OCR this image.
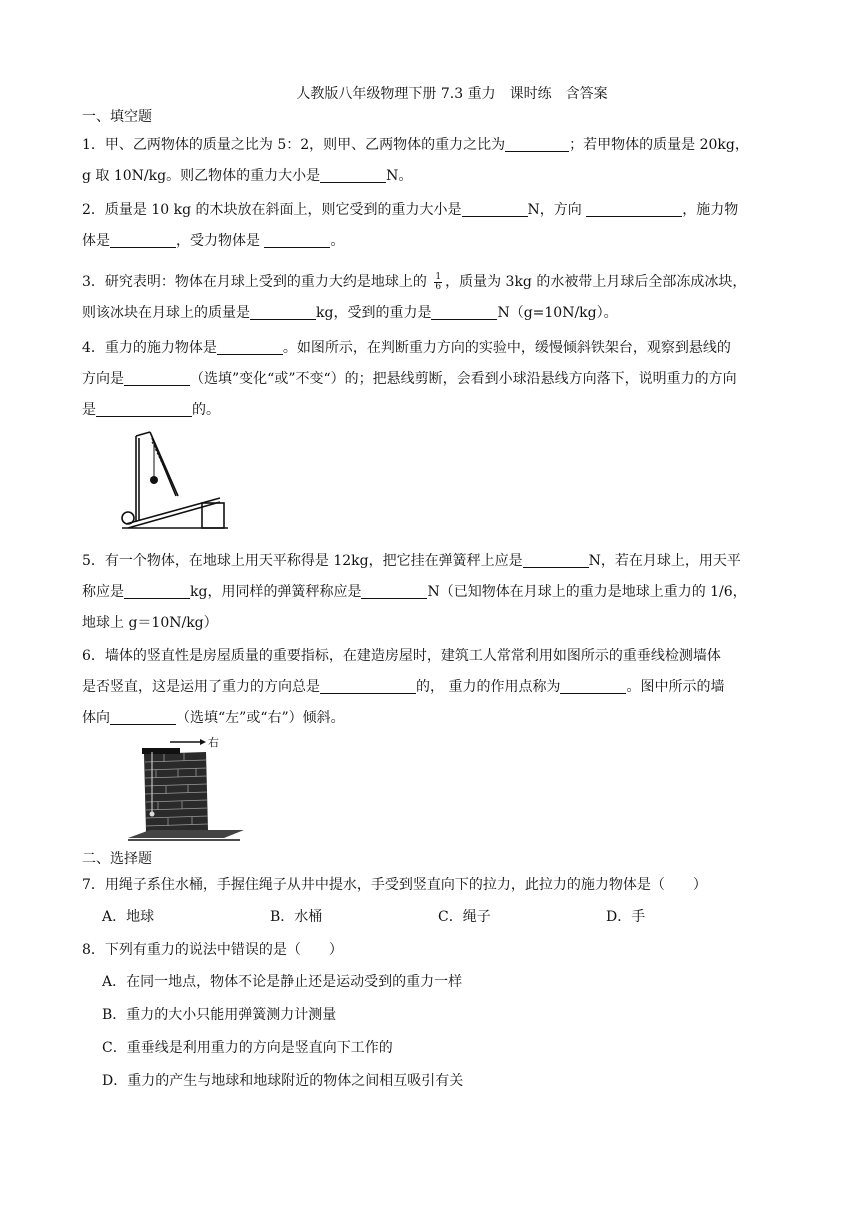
人教版八年级物理下册 7.3 重力　课时练　含答案
一、填空题

1．甲、乙两物体的质量之比为 5：2，则甲、乙两物体的重力之比为	；若甲物体的质量是 20kg，
g 取 10N/kg。则乙物体的重力大小是	N。

2．质量是 10 kg 的木块放在斜面上，则它受到的重力大小是	N，方向	，施力物
体是	，受力物体是	。

3．研究表明：物体在月球上受到的重力大约是地球上的 $\frac{1}{6}$ ，质量为 3kg 的水被带上月球后全部冻成冰块，
则该冰块在月球上的质量是	kg，受到的重力是	N（g=10N/kg）。

4．重力的施力物体是	。如图所示，在判断重力方向的实验中，缓慢倾斜铁架台，观察到悬线的
方向是	（选填”变化“或”不变“）的；把悬线剪断，会看到小球沿悬线方向落下，说明重力的方向
是	的。

5．有一个物体，在地球上用天平称得是 12kg，把它挂在弹簧秤上应是	N，若在月球上，用天平
称应是	kg，用同样的弹簧秤称应是	N（已知物体在月球上的重力是地球上重力的 1/6，
地球上 g＝10N/kg）

6．墙体的竖直性是房屋质量的重要指标，在建造房屋时，建筑工人常常利用如图所示的重垂线检测墙体
是否竖直，这是运用了重力的方向总是	的， 重力的作用点称为	。图中所示的墙
体向	（选填“左”或“右”）倾斜。

右
二、选择题

7．用绳子系住水桶，手握住绳子从井中提水，手受到竖直向下的拉力，此拉力的施力物体是（　　）

A．地球	B．水桶	C．绳子	D．手

8．下列有重力的说法中错误的是（　　）

A．在同一地点，物体不论是静止还是运动受到的重力一样
B．重力的大小只能用弹簧测力计测量
C．重垂线是利用重力的方向是竖直向下工作的
D．重力的产生与地球和地球附近的物体之间相互吸引有关
